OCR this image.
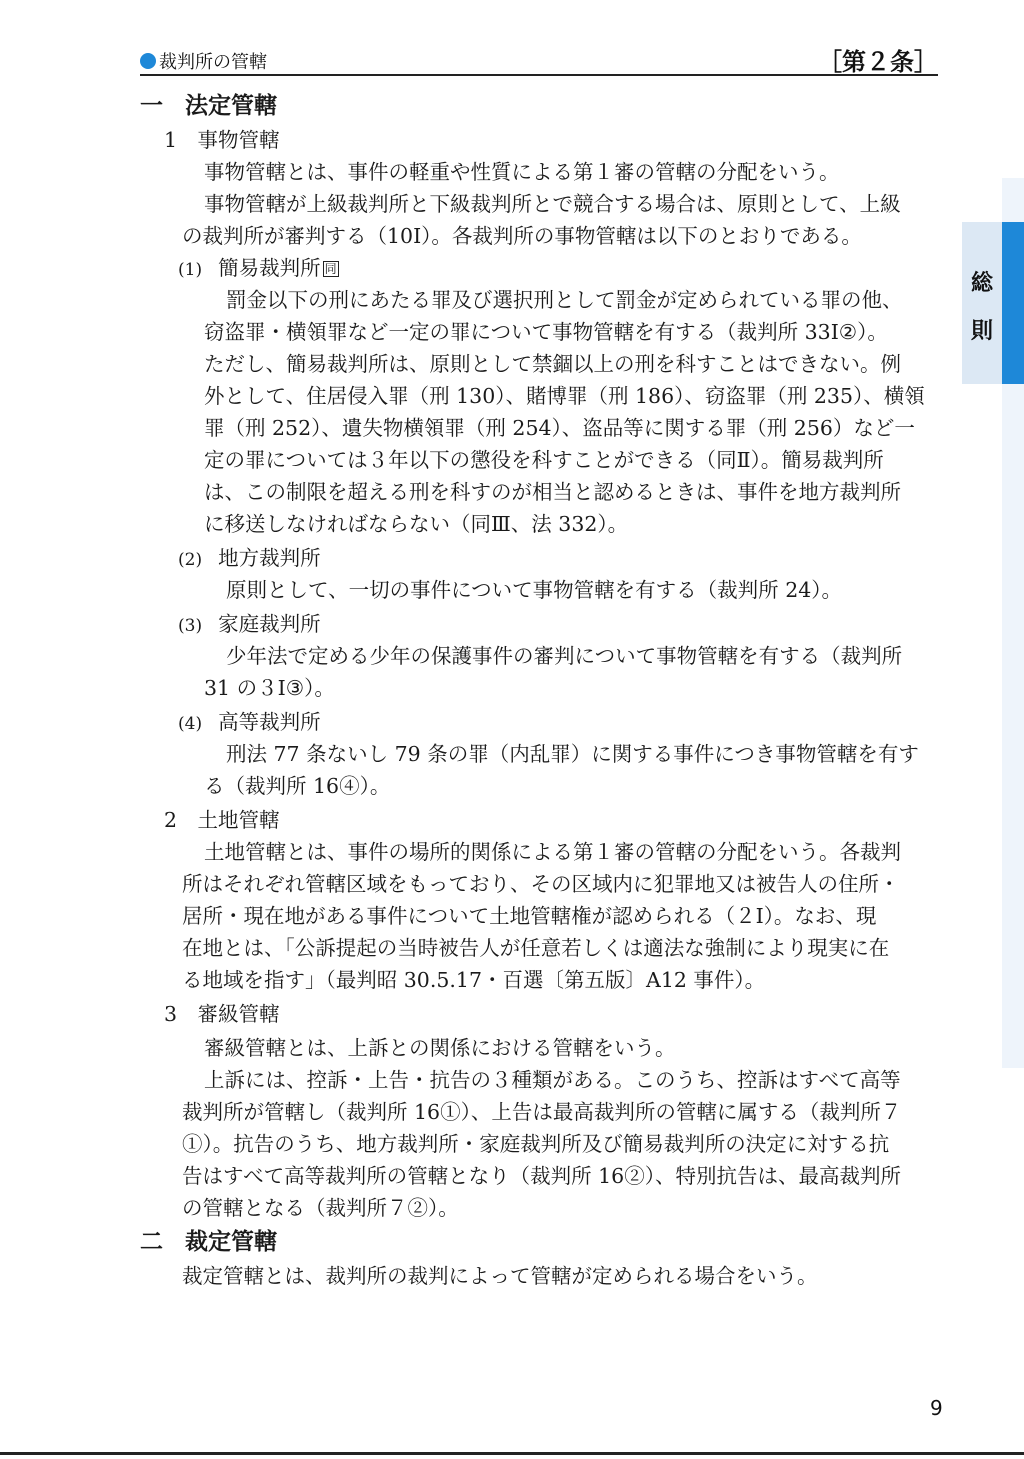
裁判所の管轄	［第２条］
総
則
一 法定管轄
1　事物管轄
事物管轄とは、事件の軽重や性質による第１審の管轄の分配をいう。
事物管轄が上級裁判所と下級裁判所とで競合する場合は、原則として、上級
の裁判所が審判する（10Ⅰ）。各裁判所の事物管轄は以下のとおりである。
(1) 簡易裁判所 同
罰金以下の刑にあたる罪及び選択刑として罰金が定められている罪の他、
窃盗罪・横領罪など一定の罪について事物管轄を有する（裁判所 33Ⅰ②）。
ただし、簡易裁判所は、原則として禁錮以上の刑を科すことはできない。例
外として、住居侵入罪（刑 130）、賭博罪（刑 186）、窃盗罪（刑 235）、横領
罪（刑 252）、遺失物横領罪（刑 254）、盗品等に関する罪（刑 256）など一
定の罪については３年以下の懲役を科すことができる（同Ⅱ）。簡易裁判所
は、この制限を超える刑を科すのが相当と認めるときは、事件を地方裁判所
に移送しなければならない（同Ⅲ、法 332）。
(2) 地方裁判所
原則として、一切の事件について事物管轄を有する（裁判所 24）。
(3) 家庭裁判所
少年法で定める少年の保護事件の審判について事物管轄を有する（裁判所
31 の３Ⅰ③）。
(4) 高等裁判所
刑法 77 条ないし 79 条の罪（内乱罪）に関する事件につき事物管轄を有す
る（裁判所 16④）。
2　土地管轄
土地管轄とは、事件の場所的関係による第１審の管轄の分配をいう。各裁判
所はそれぞれ管轄区域をもっており、その区域内に犯罪地又は被告人の住所・
居所・現在地がある事件について土地管轄権が認められる（２Ⅰ）。なお、現
在地とは、「公訴提起の当時被告人が任意若しくは適法な強制により現実に在
る地域を指す」（最判昭 30.5.17・百選〔第五版〕A12 事件）。
3　審級管轄
審級管轄とは、上訴との関係における管轄をいう。
上訴には、控訴・上告・抗告の３種類がある。このうち、控訴はすべて高等
裁判所が管轄し（裁判所 16①）、上告は最高裁判所の管轄に属する（裁判所７
①）。抗告のうち、地方裁判所・家庭裁判所及び簡易裁判所の決定に対する抗
告はすべて高等裁判所の管轄となり（裁判所 16②）、特別抗告は、最高裁判所
の管轄となる（裁判所７②）。
二 裁定管轄
裁定管轄とは、裁判所の裁判によって管轄が定められる場合をいう。
9
